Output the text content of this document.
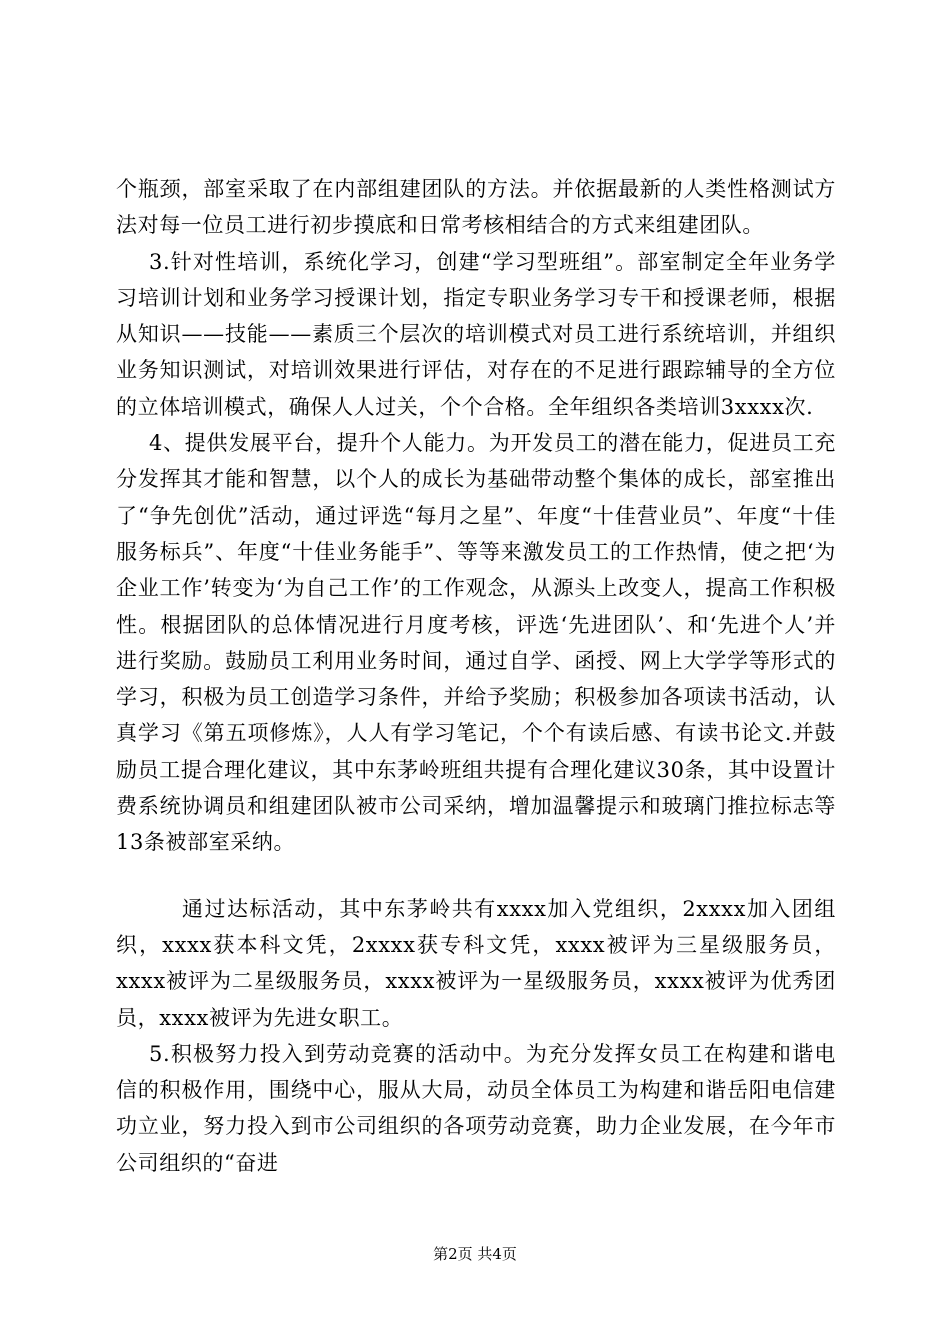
个瓶颈，部室采取了在内部组建团队的方法。并依据最新的人类性格测试方法对每一位员工进行初步摸底和日常考核相结合的方式来组建团队。

3.针对性培训，系统化学习，创建“学习型班组”。部室制定全年业务学习培训计划和业务学习授课计划，指定专职业务学习专干和授课老师，根据从知识——技能——素质三个层次的培训模式对员工进行系统培训，并组织业务知识测试，对培训效果进行评估，对存在的不足进行跟踪辅导的全方位的立体培训模式，确保人人过关，个个合格。全年组织各类培训3xxxx次.

4、提供发展平台，提升个人能力。为开发员工的潜在能力，促进员工充分发挥其才能和智慧，以个人的成长为基础带动整个集体的成长，部室推出了“争先创优”活动，通过评选“每月之星”、年度“十佳营业员”、年度“十佳服务标兵”、年度“十佳业务能手”、等等来激发员工的工作热情，使之把‘为企业工作’转变为‘为自己工作’的工作观念，从源头上改变人，提高工作积极性。根据团队的总体情况进行月度考核，评选‘先进团队’、和‘先进个人’并进行奖励。鼓励员工利用业务时间，通过自学、函授、网上大学学等形式的学习，积极为员工创造学习条件，并给予奖励；积极参加各项读书活动，认真学习《第五项修炼》，人人有学习笔记，个个有读后感、有读书论文.并鼓励员工提合理化建议，其中东茅岭班组共提有合理化建议30条，其中设置计费系统协调员和组建团队被市公司采纳，增加温馨提示和玻璃门推拉标志等13条被部室采纳。

通过达标活动，其中东茅岭共有xxxx加入党组织，2xxxx加入团组织，xxxx获本科文凭，2xxxx获专科文凭，xxxx被评为三星级服务员，xxxx被评为二星级服务员，xxxx被评为一星级服务员，xxxx被评为优秀团员，xxxx被评为先进女职工。

5.积极努力投入到劳动竞赛的活动中。为充分发挥女员工在构建和谐电信的积极作用，围绕中心，服从大局，动员全体员工为构建和谐岳阳电信建功立业，努力投入到市公司组织的各项劳动竞赛，助力企业发展，在今年市公司组织的“奋进

第2页 共4页
